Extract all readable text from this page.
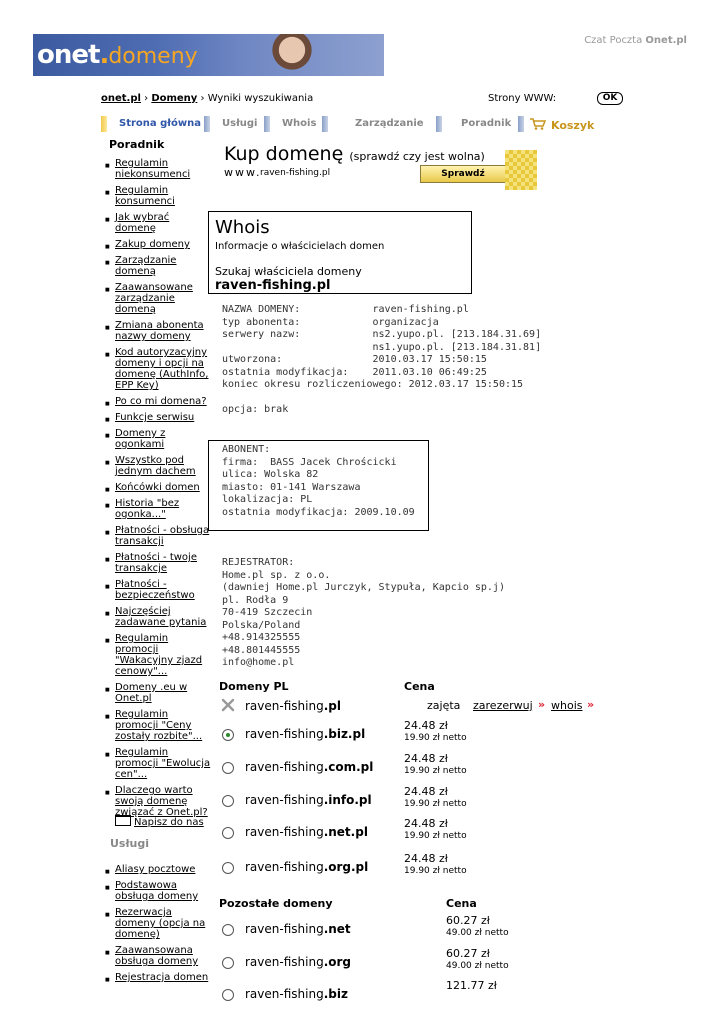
onet.domeny
Czat Poczta Onet.pl
onet.pl › Domeny › Wyniki wyszukiwania	Strony WWW:	OK
Strona główna Usługi Whois	Zarządzanie	Poradnik	Koszyk
Poradnik
■ Regulamin niekonsumenci
■ Regulamin konsumenci
■ Jak wybrać domenę
■ Zakup domeny
■ Zarządzanie domeną
■ Zaawansowane zarządzanie domeną
■ Zmiana abonenta nazwy domeny
■ Kod autoryzacyjny domeny i opcji na domenę (AuthInfo, EPP Key)
■ Po co mi domena?
■ Funkcje serwisu
■ Domeny z ogonkami
■ Wszystko pod jednym dachem
■ Końcówki domen
■ Historia "bez ogonka..."
■ Płatności - obsługa transakcji
■ Płatności - twoje transakcje
■ Płatności - bezpieczeństwo
■ Najczęściej zadawane pytania
■ Regulamin promocji "Wakacyjny zjazd cenowy"...
■ Domeny .eu w Onet.pl
■ Regulamin promocji "Ceny zostały rozbite"...
■ Regulamin promocji "Ewolucja cen"...
■ Dlaczego warto swoją domenę związać z Onet.pl?
Napisz do nas
Usługi
■ Aliasy pocztowe
■ Podstawowa obsługa domeny
■ Rezerwacja domeny (opcja na domenę)
■ Zaawansowana obsługa domeny
■ Rejestracja domen
Kup domenę (sprawdź czy jest wolna)
www.
raven-fishing.pl	Sprawdź
Whois
Informacje o właścicielach domen
Szukaj właściciela domeny
raven-fishing.pl
NAZWA DOMENY:            raven-fishing.pl
typ abonenta:            organizacja
serwery nazw:            ns2.yupo.pl. [213.184.31.69]
ns1.yupo.pl. [213.184.31.81]
utworzona:               2010.03.17 15:50:15
ostatnia modyfikacja:    2011.03.10 06:49:25
koniec okresu rozliczeniowego: 2012.03.17 15:50:15

opcja: brak
ABONENT:
firma:  BASS Jacek Chrościcki
ulica: Wolska 82
miasto: 01-141 Warszawa
lokalizacja: PL
ostatnia modyfikacja: 2009.10.09
REJESTRATOR:
Home.pl sp. z o.o.
(dawniej Home.pl Jurczyk, Stypuła, Kapcio sp.j)
pl. Rodła 9
70-419 Szczecin
Polska/Poland
+48.914325555
+48.801445555
info@home.pl
Domeny PL	Cena
raven-fishing.pl	zajęta zarezerwuj » whois »
raven-fishing.biz.pl
24.48 zł
19.90 zł netto
raven-fishing.com.pl
24.48 zł
19.90 zł netto
raven-fishing.info.pl
24.48 zł
19.90 zł netto
raven-fishing.net.pl
24.48 zł
19.90 zł netto
raven-fishing.org.pl
24.48 zł
19.90 zł netto
Pozostałe domeny	Cena
raven-fishing.net
60.27 zł
49.00 zł netto
raven-fishing.org
60.27 zł
49.00 zł netto
raven-fishing.biz
121.77 zł
